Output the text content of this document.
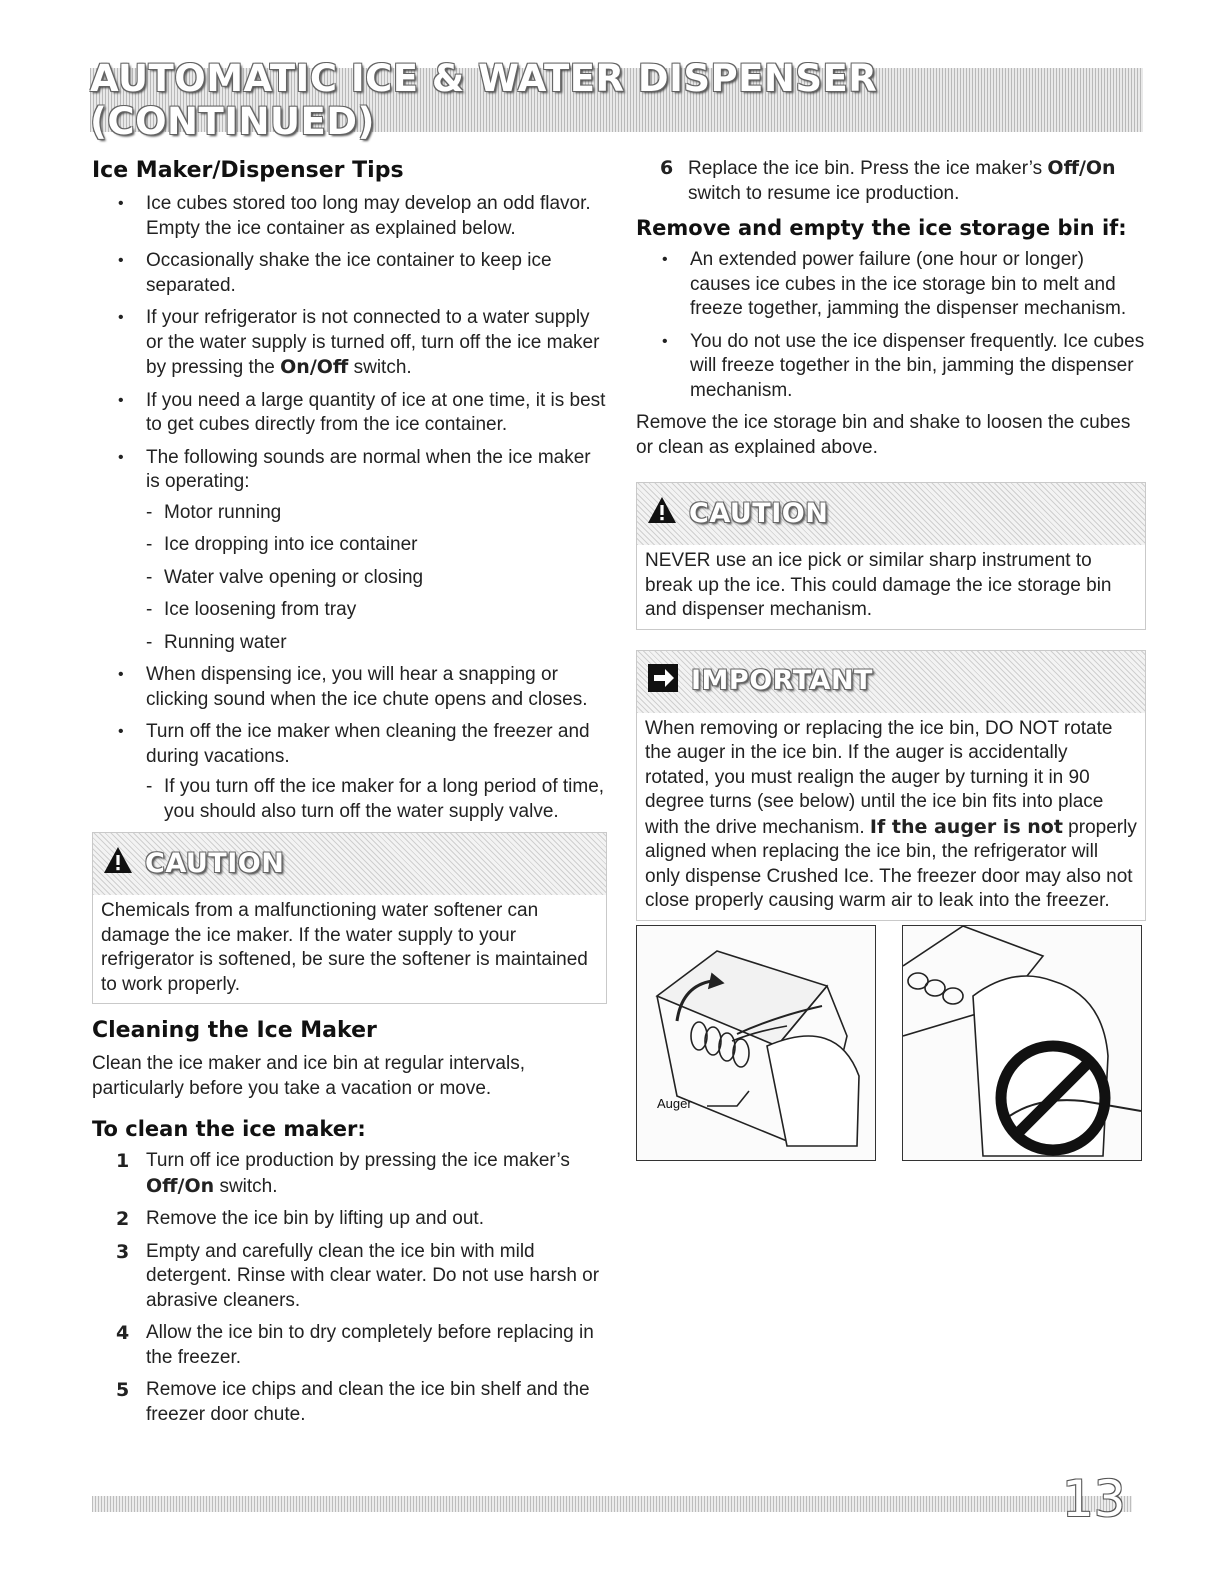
AUTOMATIC ICE & WATER DISPENSER (CONTINUED)
Ice Maker/Dispenser Tips
• Ice cubes stored too long may develop an odd flavor. Empty the ice container as explained below.
• Occasionally shake the ice container to keep ice separated.
• If your refrigerator is not connected to a water supply or the water supply is turned off, turn off the ice maker by pressing the On/Off switch.
• If you need a large quantity of ice at one time, it is best to get cubes directly from the ice container.
• The following sounds are normal when the ice maker is operating:
- Motor running
- Ice dropping into ice container
- Water valve opening or closing
- Ice loosening from tray
- Running water
• When dispensing ice, you will hear a snapping or clicking sound when the ice chute opens and closes.
• Turn off the ice maker when cleaning the freezer and during vacations.
- If you turn off the ice maker for a long period of time, you should also turn off the water supply valve.
CAUTION
Chemicals from a malfunctioning water softener can damage the ice maker. If the water supply to your refrigerator is softened, be sure the softener is maintained to work properly.
Cleaning the Ice Maker

Clean the ice maker and ice bin at regular intervals, particularly before you take a vacation or move.

To clean the ice maker:
1 Turn off ice production by pressing the ice maker’s Off/On switch.
2 Remove the ice bin by lifting up and out.
3 Empty and carefully clean the ice bin with mild detergent. Rinse with clear water. Do not use harsh or abrasive cleaners.
4 Allow the ice bin to dry completely before replacing in the freezer.
5 Remove ice chips and clean the ice bin shelf and the freezer door chute.
6 Replace the ice bin. Press the ice maker’s Off/On switch to resume ice production.
Remove and empty the ice storage bin if:
• An extended power failure (one hour or longer) causes ice cubes in the ice storage bin to melt and freeze together, jamming the dispenser mechanism.
• You do not use the ice dispenser frequently. Ice cubes will freeze together in the bin, jamming the dispenser mechanism.

Remove the ice storage bin and shake to loosen the cubes or clean as explained above.

CAUTION
NEVER use an ice pick or similar sharp instrument to break up the ice. This could damage the ice storage bin and dispenser mechanism.
IMPORTANT
When removing or replacing the ice bin, DO NOT rotate the auger in the ice bin. If the auger is accidentally rotated, you must realign the auger by turning it in 90 degree turns (see below) until the ice bin fits into place with the drive mechanism. If the auger is not properly aligned when replacing the ice bin, the refrigerator will only dispense Crushed Ice. The freezer door may also not close properly causing warm air to leak into the freezer.
Auger
13
